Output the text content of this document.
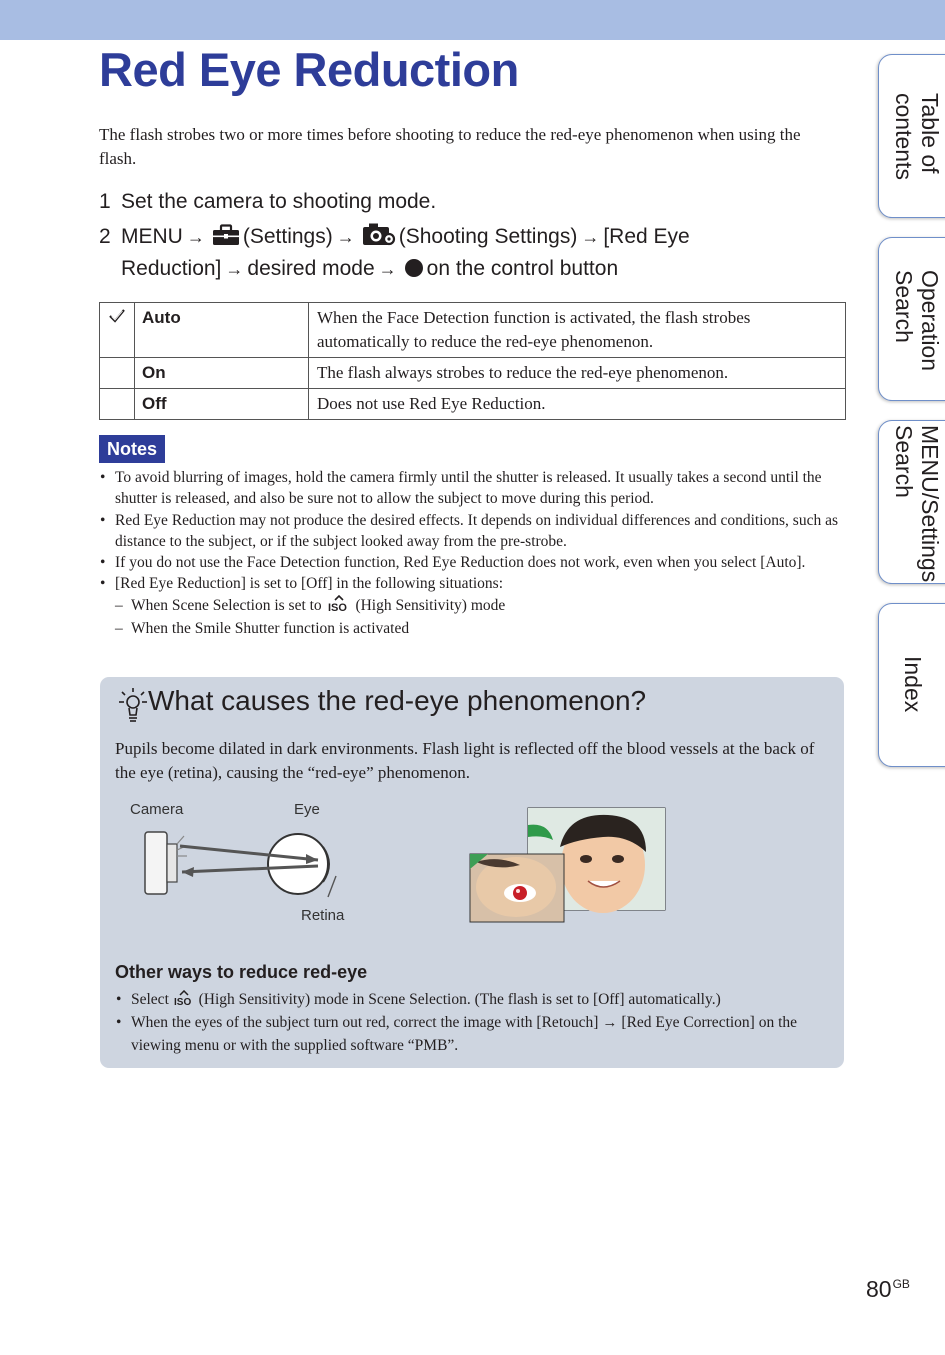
Red Eye Reduction
The flash strobes two or more times before shooting to reduce the red-eye phenomenon when using the flash.
1 Set the camera to shooting mode.
2 MENU → (Settings) → (Shooting Settings) → [Red Eye
Reduction] → desired mode → on the control button
	Auto	When the Face Detection function is activated, the flash strobes automatically to reduce the red-eye phenomenon.
	On	The flash always strobes to reduce the red-eye phenomenon.
	Off	Does not use Red Eye Reduction.
Notes
• To avoid blurring of images, hold the camera firmly until the shutter is released. It usually takes a second until the shutter is released, and also be sure not to allow the subject to move during this period.
• Red Eye Reduction may not produce the desired effects. It depends on individual differences and conditions, such as distance to the subject, or if the subject looked away from the pre-strobe.
• If you do not use the Face Detection function, Red Eye Reduction does not work, even when you select [Auto].
• [Red Eye Reduction] is set to [Off] in the following situations:
– When Scene Selection is set to ISO (High Sensitivity) mode
– When the Smile Shutter function is activated
What causes the red-eye phenomenon?
Pupils become dilated in dark environments. Flash light is reflected off the blood vessels at the back of the eye (retina), causing the “red-eye” phenomenon.
Camera	Eye
Retina
Other ways to reduce red-eye
• Select ISO (High Sensitivity) mode in Scene Selection. (The flash is set to [Off] automatically.)
• When the eyes of the subject turn out red, correct the image with [Retouch] → [Red Eye Correction] on the viewing menu or with the supplied software “PMB”.
Table of
contents
Operation
Search
MENU/Settings
Search
Index
$80^{GB}$
